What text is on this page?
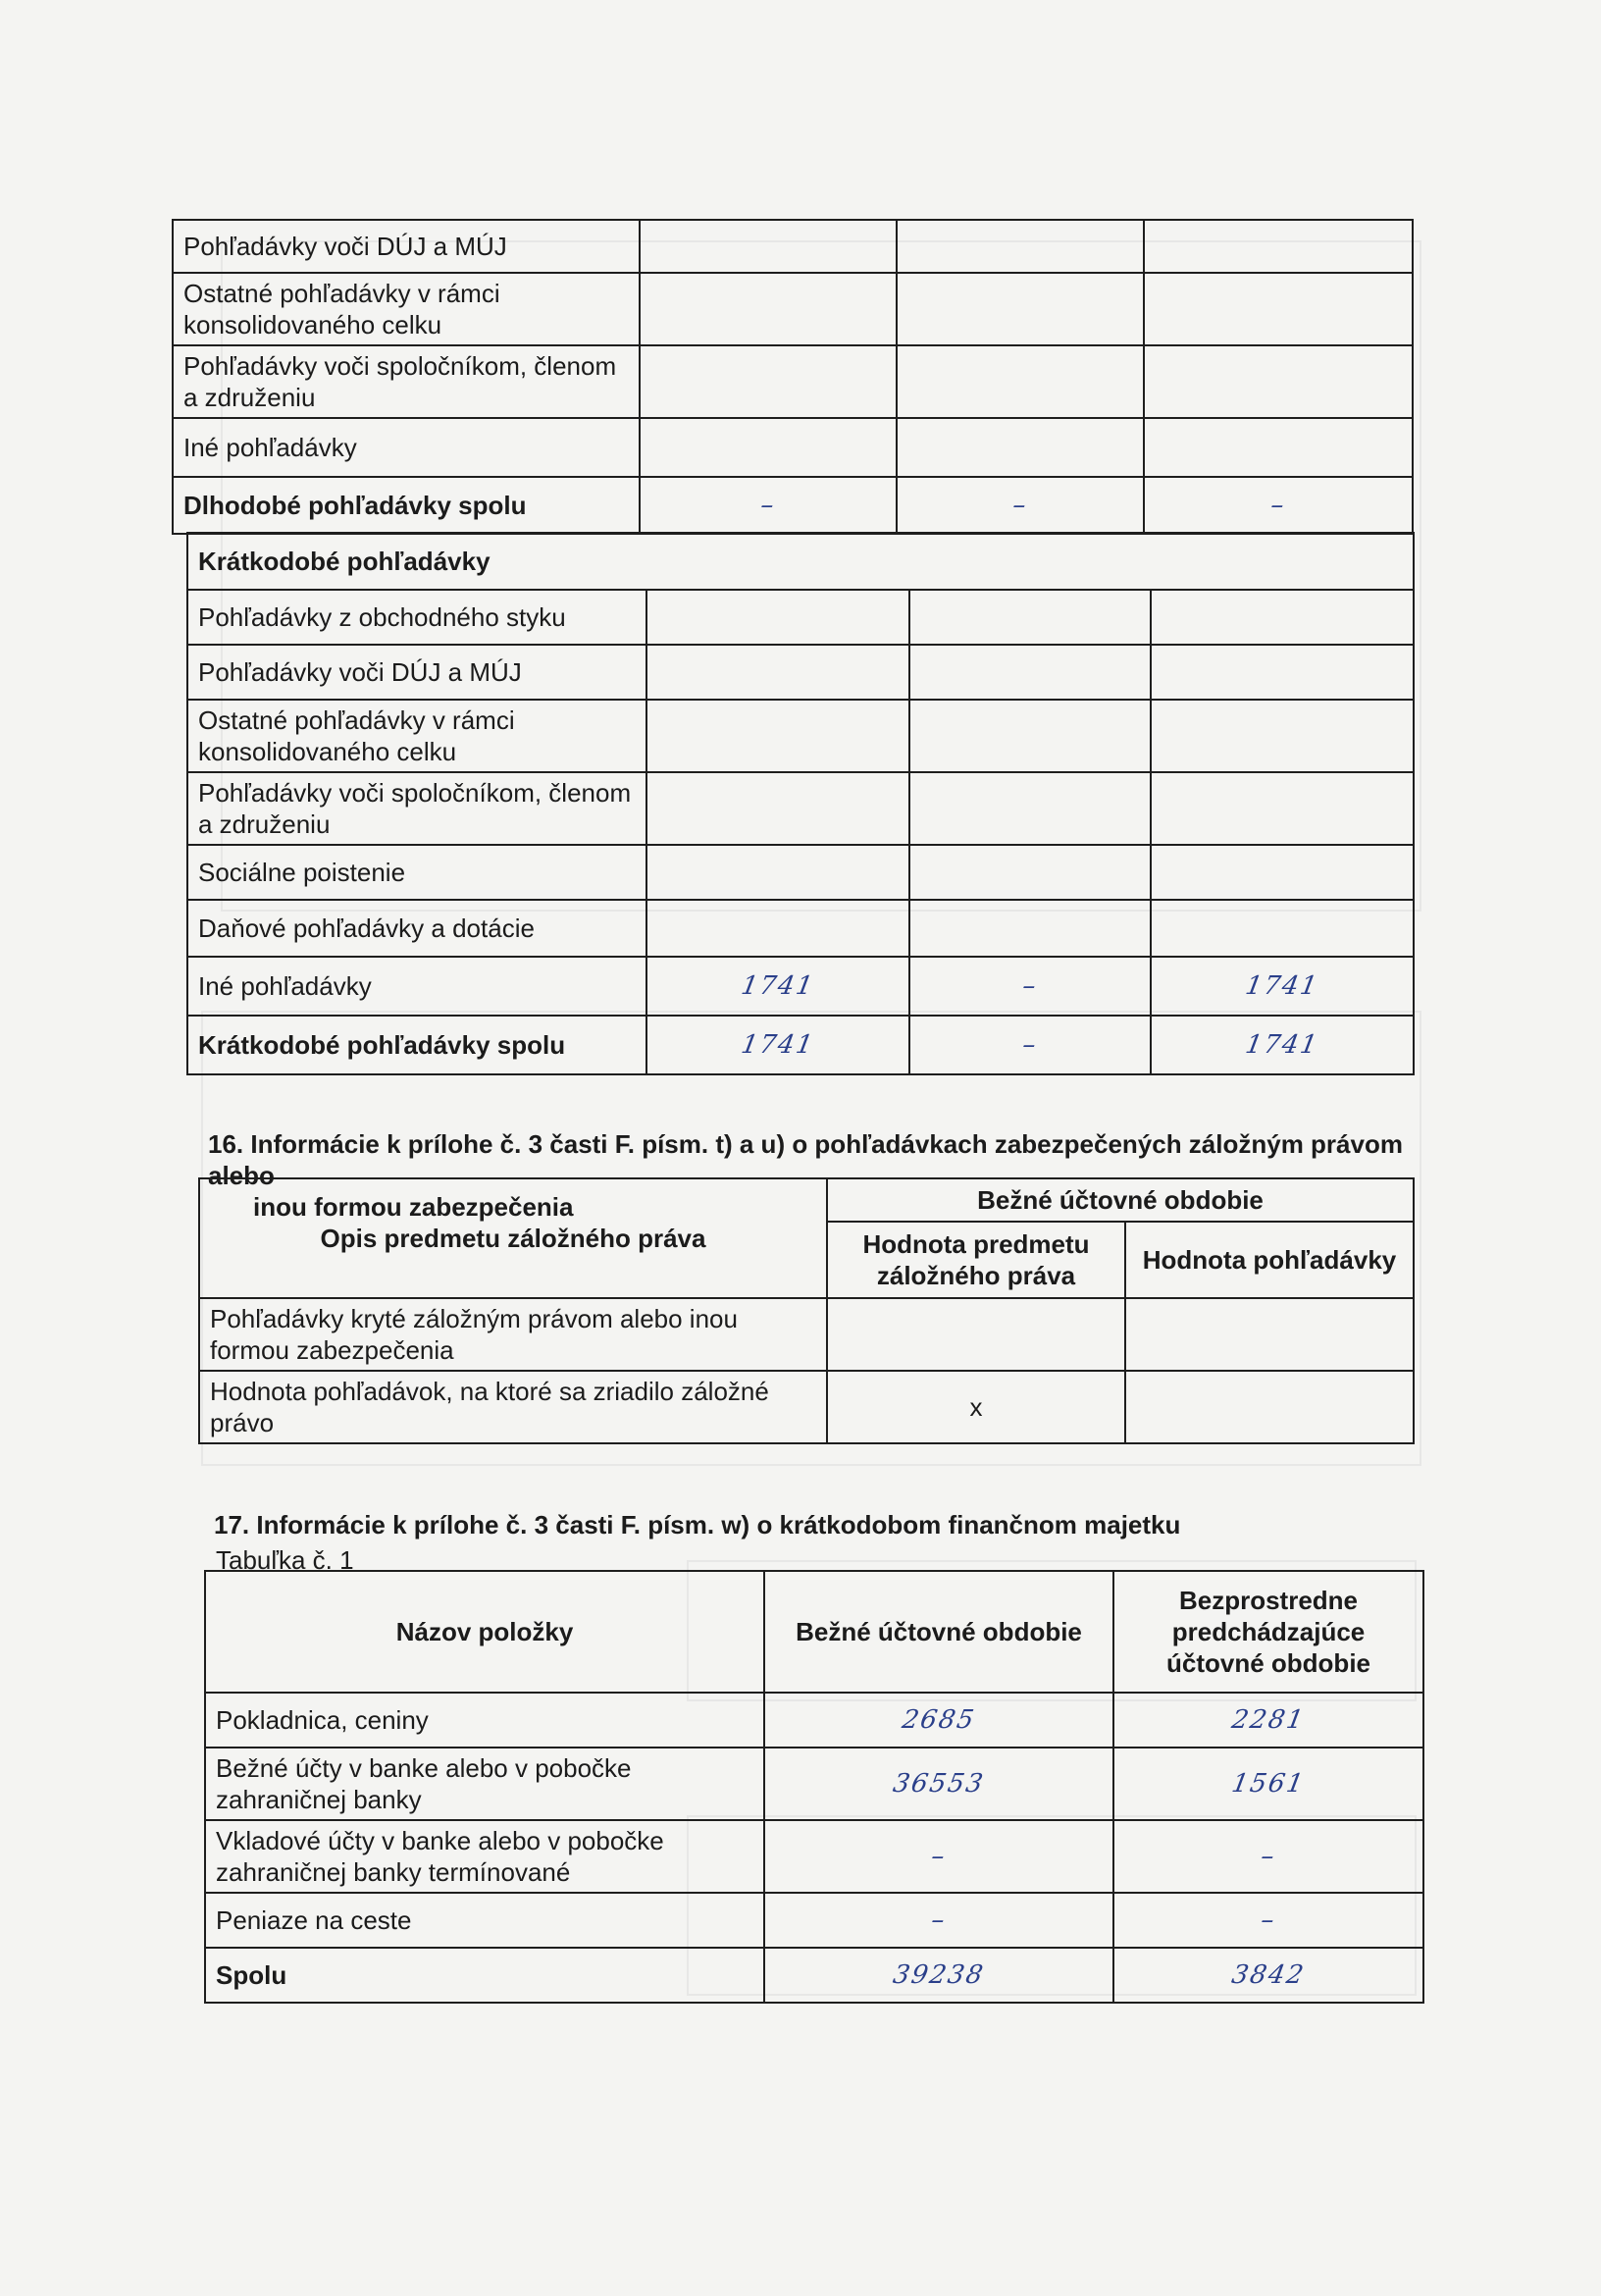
Pohľadávky voči DÚJ a MÚJ			
Ostatné pohľadávky v rámci konsolidovaného celku			
Pohľadávky voči spoločníkom, členom a združeniu			
Iné pohľadávky			
Dlhodobé pohľadávky spolu	–	–	–
Krátkodobé pohľadávky			
Pohľadávky z obchodného styku			
Pohľadávky voči DÚJ a MÚJ			
Ostatné pohľadávky v rámci konsolidovaného celku			
Pohľadávky voči spoločníkom, členom a združeniu			
Sociálne poistenie			
Daňové pohľadávky a dotácie			
Iné pohľadávky	1741	–	1741
Krátkodobé pohľadávky spolu	1741	–	1741
16. Informácie k prílohe č. 3 časti F. písm. t) a u) o pohľadávkach zabezpečených záložným právom alebo
inou formou zabezpečenia
Opis predmetu záložného práva	Bežné účtovné obdobie	
	Hodnota predmetu záložného práva	Hodnota pohľadávky
Pohľadávky kryté záložným právom alebo inou formou zabezpečenia		
Hodnota pohľadávok, na ktoré sa zriadilo záložné právo	x	
17. Informácie k prílohe č. 3 časti F. písm. w) o krátkodobom finančnom majetku
Tabuľka č. 1
Názov položky	Bežné účtovné obdobie	Bezprostredne predchádzajúce účtovné obdobie
Pokladnica, ceniny	2685	2281
Bežné účty v banke alebo v pobočke zahraničnej banky	36553	1561
Vkladové účty v banke alebo v pobočke zahraničnej banky termínované	–	–
Peniaze na ceste	–	–
Spolu	39238	3842
